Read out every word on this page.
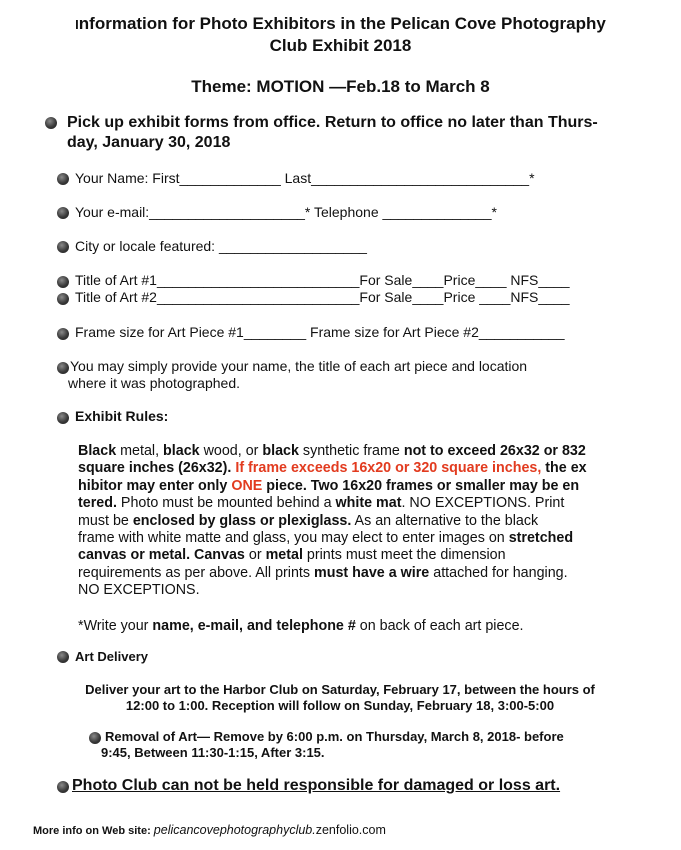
Information for Photo Exhibitors in the Pelican Cove Photography
Club Exhibit 2018
Theme: MOTION —Feb.18 to March 8
Pick up exhibit forms from office. Return to office no later than Thurs-
day, January 30, 2018
Your Name: First_____________ Last____________________________*
Your e-mail:____________________* Telephone ______________*
City or locale featured: ___________________
Title of Art #1__________________________For Sale____Price____ NFS____
Title of Art #2__________________________For Sale____Price ____NFS____
Frame size for Art Piece #1________ Frame size for Art Piece #2___________
You may simply provide your name, the title of each art piece and location
where it was photographed.
Exhibit Rules:

Black metal, black wood, or black synthetic frame not to exceed 26x32 or 832
square inches (26x32). If frame exceeds 16x20 or 320 square inches, the ex
hibitor may enter only ONE piece. Two 16x20 frames or smaller may be en
tered. Photo must be mounted behind a white mat. NO EXCEPTIONS. Print
must be enclosed by glass or plexiglass. As an alternative to the black
frame with white matte and glass, you may elect to enter images on stretched
canvas or metal. Canvas or metal prints must meet the dimension
requirements as per above. All prints must have a wire attached for hanging.
NO EXCEPTIONS.

*Write your name, e-mail, and telephone # on back of each art piece.

Art Delivery
Deliver your art to the Harbor Club on Saturday, February 17, between the hours of
12:00 to 1:00. Reception will follow on Sunday, February 18, 3:00-5:00
Removal of Art— Remove by 6:00 p.m. on Thursday, March 8, 2018- before
9:45, Between 11:30-1:15, After 3:15.
Photo Club can not be held responsible for damaged or loss art.
More info on Web site: pelicancovephotographyclub.zenfolio.com
